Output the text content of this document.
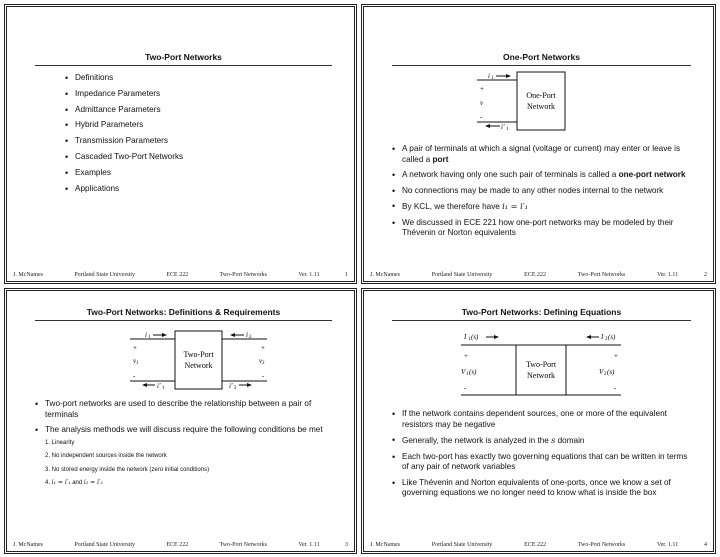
Two-Port Networks
• Definitions
• Impedance Parameters
• Admittance Parameters
• Hybrid Parameters
• Transmission Parameters
• Cascaded Two-Port Networks
• Examples
• Applications
J. McNames	Portland State University	ECE 222	Two-Port Networks	Ver. 1.11	1
One-Port Networks
One-Port
Network
i 1
+
v
-
i′ 1
• A pair of terminals at which a signal (voltage or current) may enter or leave is called a port
• A network having only one such pair of terminals is called a one-port network
• No connections may be made to any other nodes internal to the network
• By KCL, we therefore have i₁ = i′₁
• We discussed in ECE 221 how one-port networks may be modeled by their Thévenin or Norton equivalents
J. McNames	Portland State University	ECE 222	Two-Port Networks	Ver. 1.11	2
Two-Port Networks: Definitions & Requirements
Two-Port
Network
i 1
+
v 1
-
i′ 1
i 2
+
v 2
-
i′ 2
• Two-port networks are used to describe the relationship between a pair of terminals
• The analysis methods we will discuss require the following conditions be met
1. Linearity
2. No independent sources inside the network
3. No stored energy inside the network (zero initial conditions)
4. i₁ = i′₁ and i₂ = i′₂
J. McNames	Portland State University	ECE 222	Two-Port Networks	Ver. 1.11	3
Two-Port Networks: Defining Equations
Two-Port
Network
I 1 (s)
+
V 1 (s)
-
I 2 (s)
+
V 2 (s)
-
• If the network contains dependent sources, one or more of the equivalent resistors may be negative
• Generally, the network is analyzed in the s domain
• Each two-port has exactly two governing equations that can be written in terms of any pair of network variables
• Like Thévenin and Norton equivalents of one-ports, once we know a set of governing equations we no longer need to know what is inside the box
J. McNames	Portland State University	ECE 222	Two-Port Networks	Ver. 1.11	4
